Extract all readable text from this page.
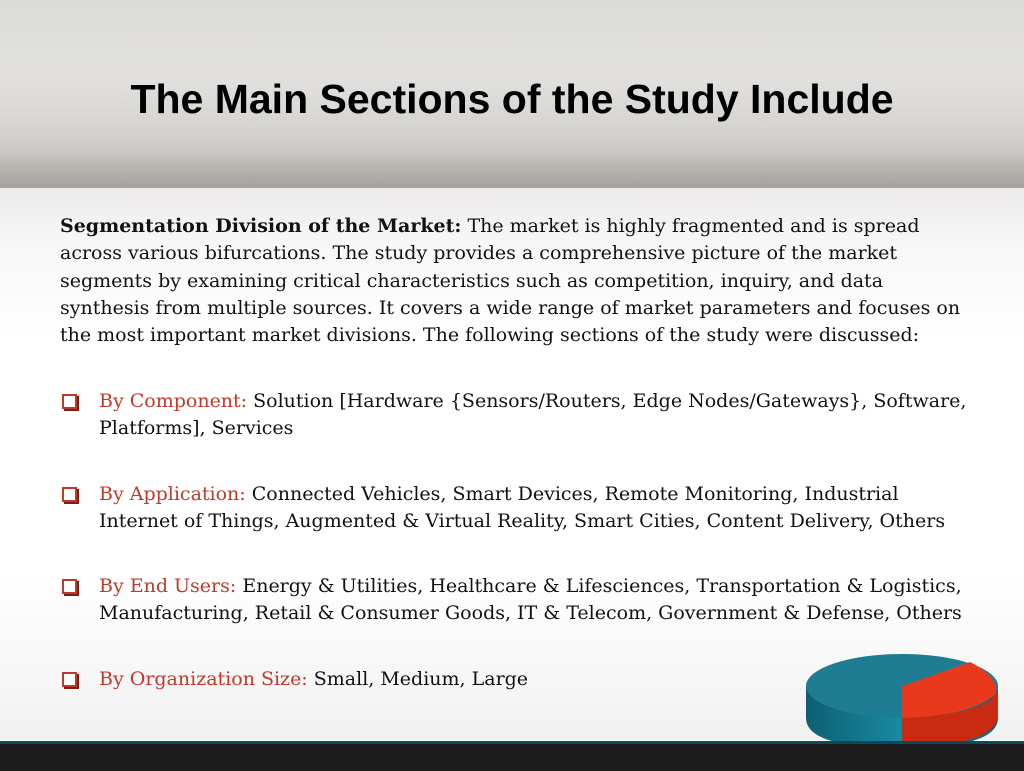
The Main Sections of the Study Include

Segmentation Division of the Market: The market is highly fragmented and is spread across various bifurcations. The study provides a comprehensive picture of the market segments by examining critical characteristics such as competition, inquiry, and data synthesis from multiple sources. It covers a wide range of market parameters and focuses on the most important market divisions. The following sections of the study were discussed:

By Component: Solution [Hardware {Sensors/Routers, Edge Nodes/Gateways}, Software, Platforms], Services
By Application: Connected Vehicles, Smart Devices, Remote Monitoring, Industrial Internet of Things, Augmented & Virtual Reality, Smart Cities, Content Delivery, Others
By End Users: Energy & Utilities, Healthcare & Lifesciences, Transportation & Logistics, Manufacturing, Retail & Consumer Goods, IT & Telecom, Government & Defense, Others
By Organization Size: Small, Medium, Large
